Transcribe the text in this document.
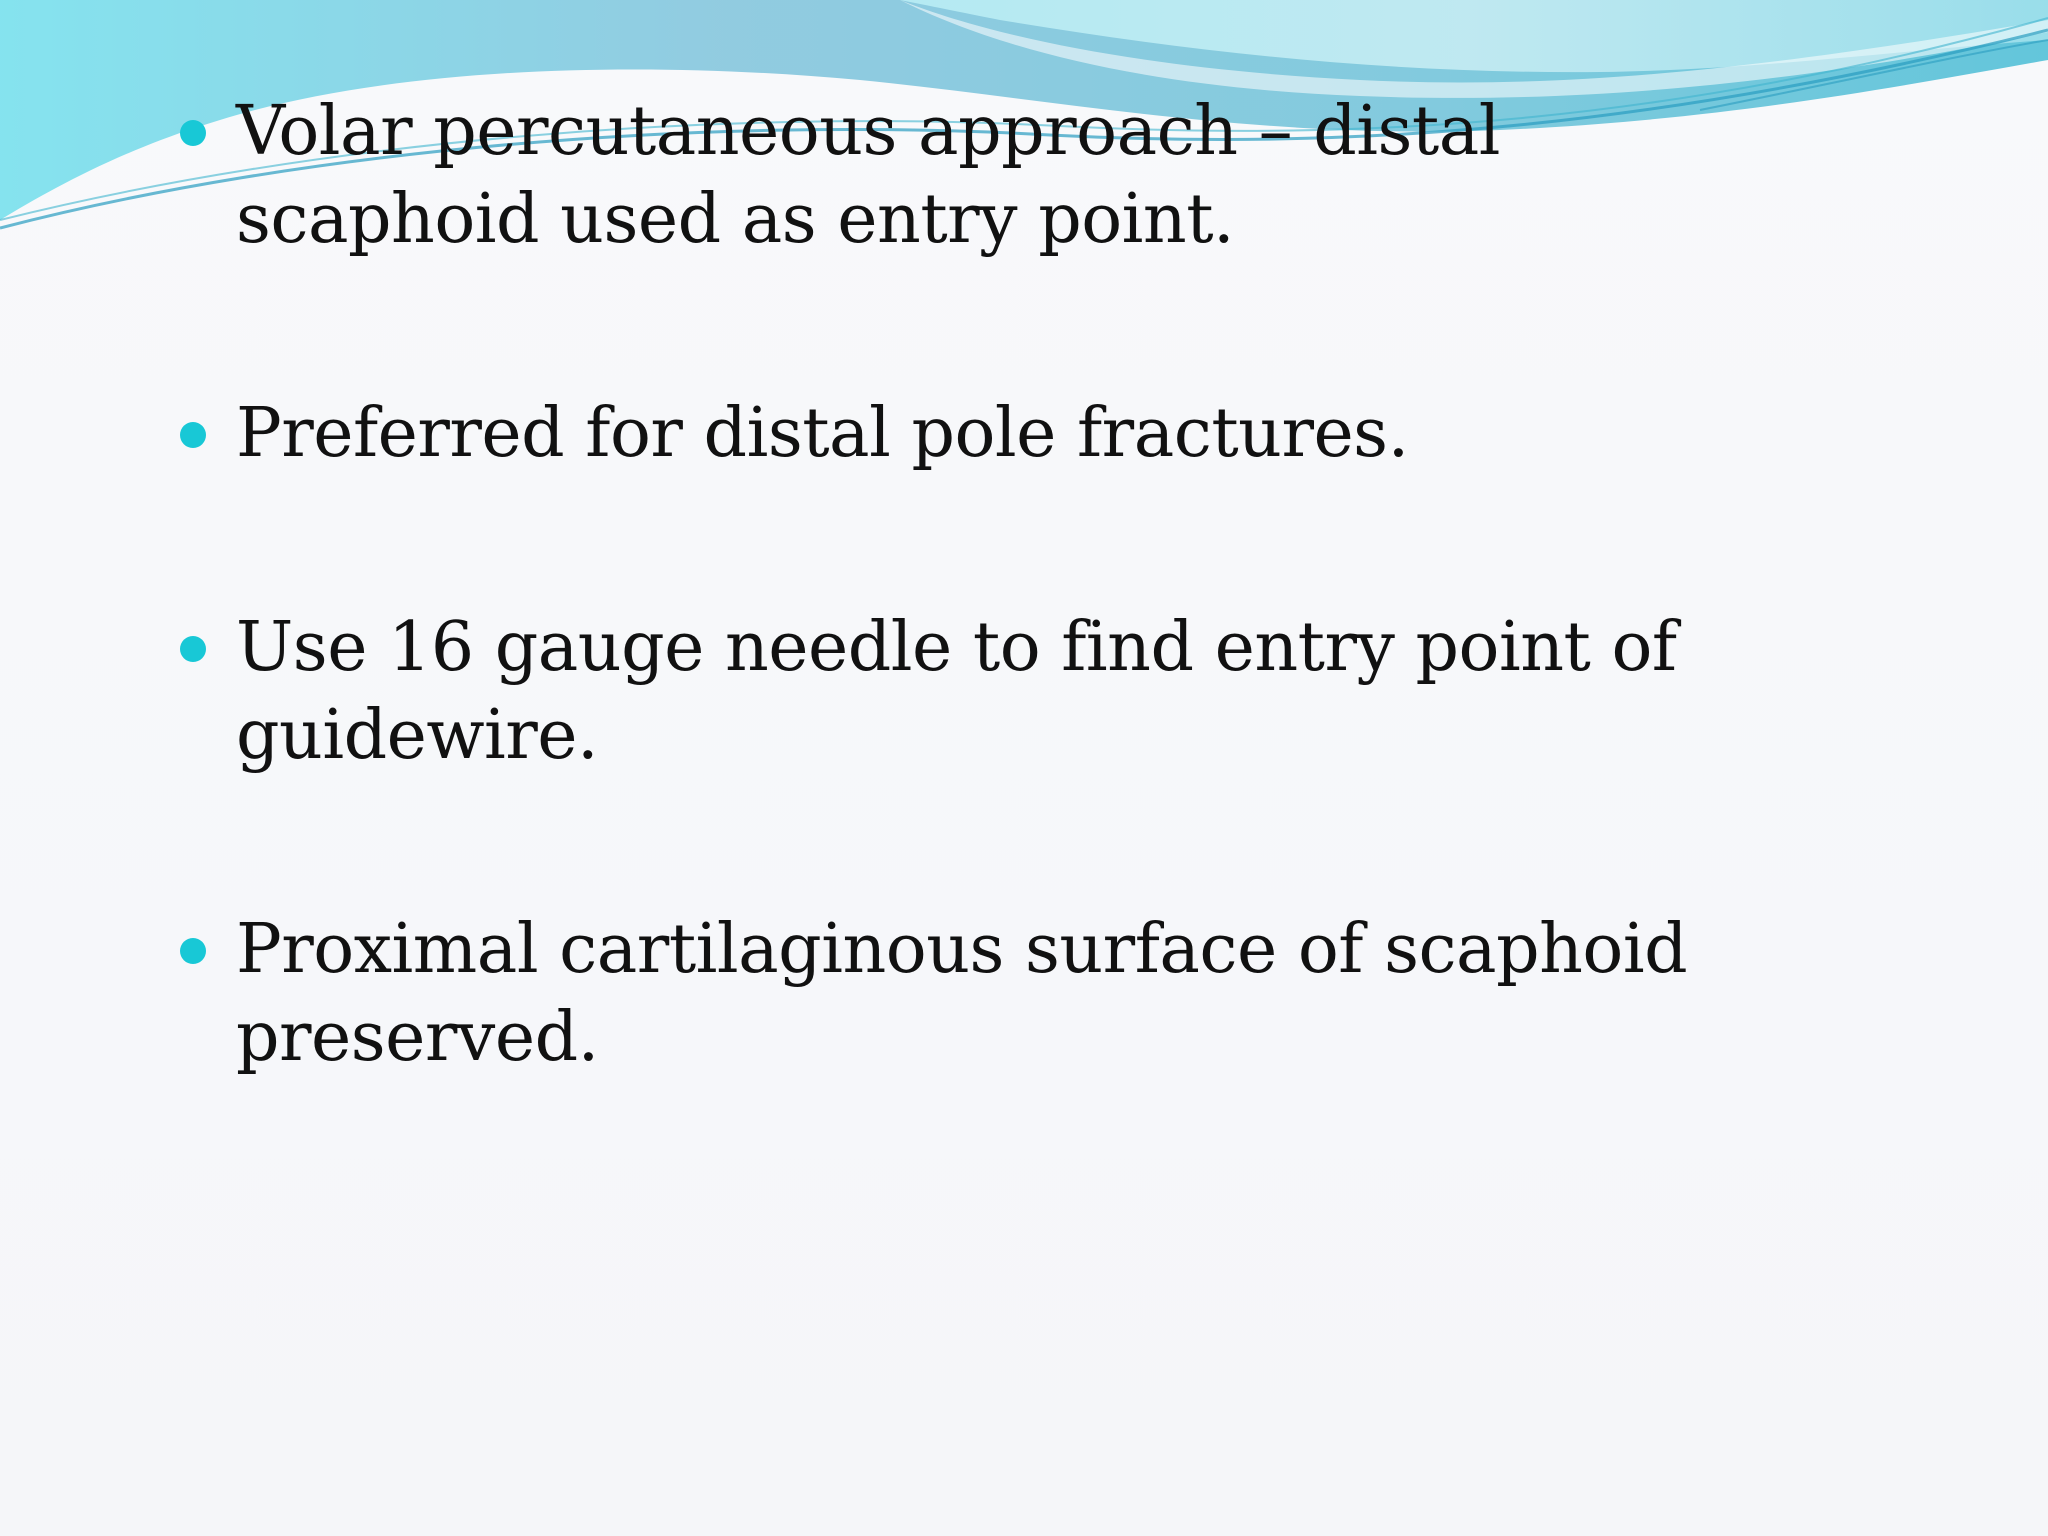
Volar percutaneous approach – distal scaphoid used as entry point.
Preferred for distal pole fractures.
Use 16 gauge needle to find entry point of guidewire.
Proximal cartilaginous surface of scaphoid preserved.
